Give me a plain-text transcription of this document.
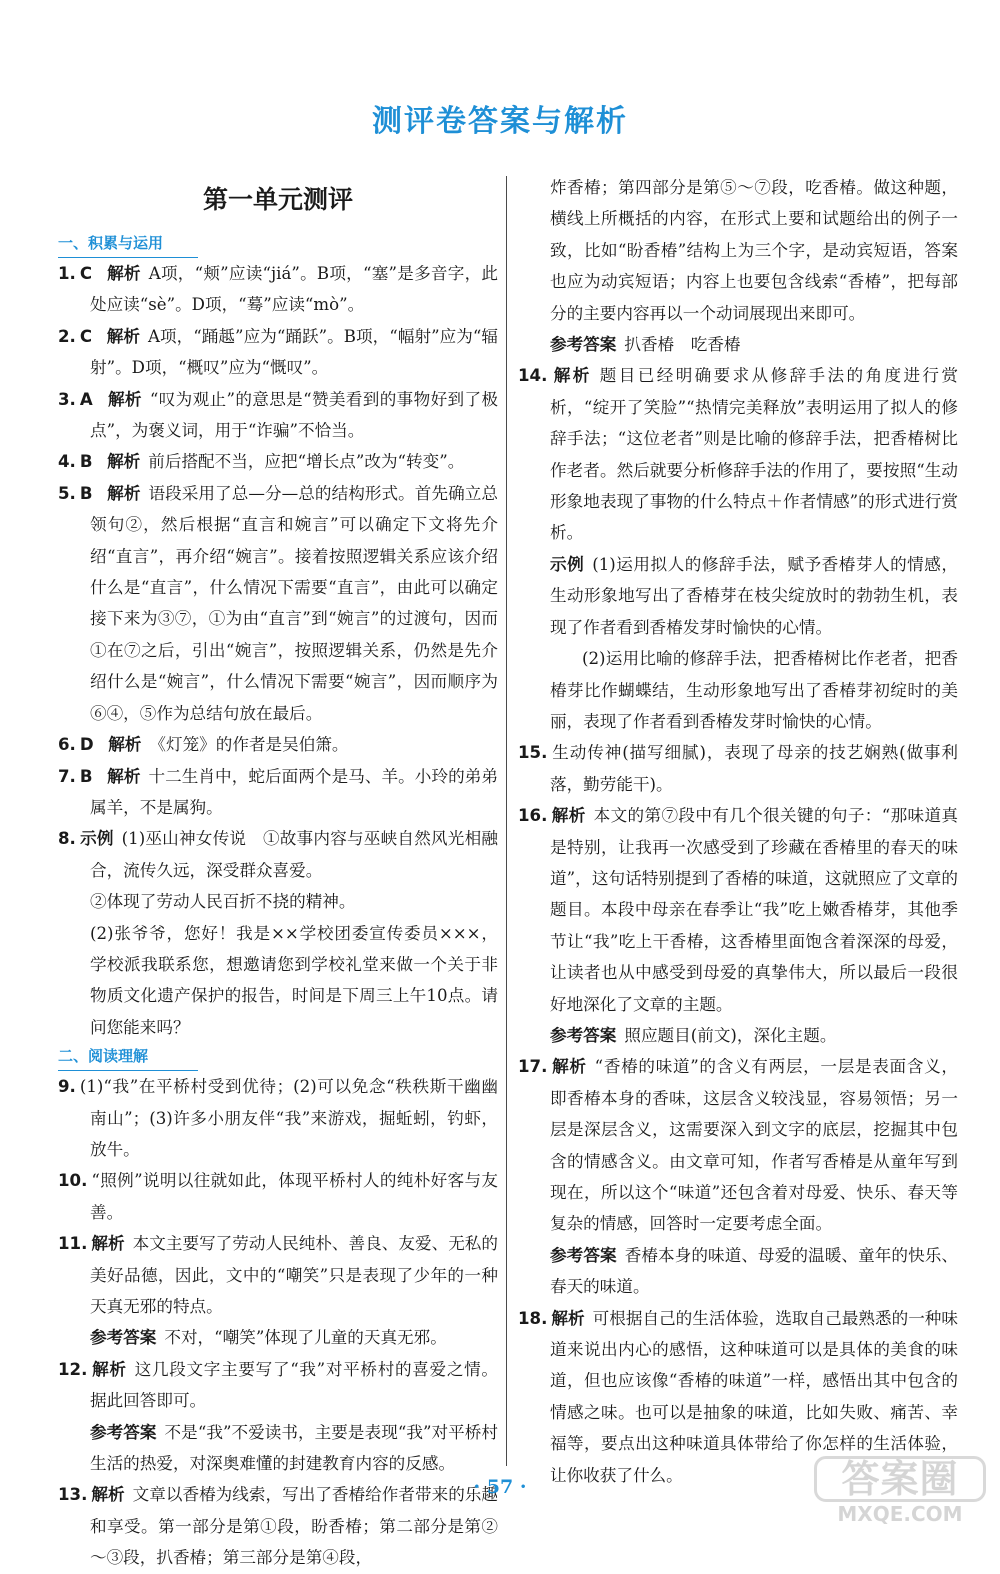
测评卷答案与解析
第一单元测评

一、积累与运用

1. C 解析 A项，“颊”应读“jiá”。B项，“塞”是多音字，此处应读“sè”。D项，“蓦”应读“mò”。

2. C 解析 A项，“踊趆”应为“踊跃”。B项，“幅射”应为“辐射”。D项，“概叹”应为“慨叹”。

3. A 解析 “叹为观止”的意思是“赞美看到的事物好到了极点”，为褒义词，用于“诈骗”不恰当。

4. B 解析 前后搭配不当，应把“增长点”改为“转变”。

5. B 解析 语段采用了总—分—总的结构形式。首先确立总领句②，然后根据“直言和婉言”可以确定下文将先介绍“直言”，再介绍“婉言”。接着按照逻辑关系应该介绍什么是“直言”，什么情况下需要“直言”，由此可以确定接下来为③⑦，①为由“直言”到“婉言”的过渡句，因而①在⑦之后，引出“婉言”，按照逻辑关系，仍然是先介绍什么是“婉言”，什么情况下需要“婉言”，因而顺序为⑥④，⑤作为总结句放在最后。

6. D 解析 《灯笼》的作者是吴伯箫。

7. B 解析 十二生肖中，蛇后面两个是马、羊。小玲的弟弟属羊，不是属狗。

8. 示例 (1)巫山神女传说　①故事内容与巫峡自然风光相融合，流传久远，深受群众喜爱。

②体现了劳动人民百折不挠的精神。

(2)张爷爷，您好！我是××学校团委宣传委员×××，学校派我联系您，想邀请您到学校礼堂来做一个关于非物质文化遗产保护的报告，时间是下周三上午10点。请问您能来吗？

二、阅读理解

9. (1)“我”在平桥村受到优待；(2)可以免念“秩秩斯干幽幽南山”；(3)许多小朋友伴“我”来游戏，掘蚯蚓，钓虾，放牛。

10. “照例”说明以往就如此，体现平桥村人的纯朴好客与友善。

11. 解析 本文主要写了劳动人民纯朴、善良、友爱、无私的美好品德，因此，文中的“嘲笑”只是表现了少年的一种天真无邪的特点。

参考答案 不对，“嘲笑”体现了儿童的天真无邪。

12. 解析 这几段文字主要写了“我”对平桥村的喜爱之情。据此回答即可。

参考答案 不是“我”不爱读书，主要是表现“我”对平桥村生活的热爱，对深奥难懂的封建教育内容的反感。

13. 解析 文章以香椿为线索，写出了香椿给作者带来的乐趣和享受。第一部分是第①段，盼香椿；第二部分是第②～③段，扒香椿；第三部分是第④段，

炸香椿；第四部分是第⑤～⑦段，吃香椿。做这种题，横线上所概括的内容，在形式上要和试题给出的例子一致，比如“盼香椿”结构上为三个字，是动宾短语，答案也应为动宾短语；内容上也要包含线索“香椿”，把每部分的主要内容再以一个动词展现出来即可。

参考答案 扒香椿　吃香椿

14. 解析 题目已经明确要求从修辞手法的角度进行赏析，“绽开了笑脸”“热情完美释放”表明运用了拟人的修辞手法；“这位老者”则是比喻的修辞手法，把香椿树比作老者。然后就要分析修辞手法的作用了，要按照“生动形象地表现了事物的什么特点＋作者情感”的形式进行赏析。

示例 (1)运用拟人的修辞手法，赋予香椿芽人的情感，生动形象地写出了香椿芽在枝尖绽放时的勃勃生机，表现了作者看到香椿发芽时愉快的心情。

(2)运用比喻的修辞手法，把香椿树比作老者，把香椿芽比作蝴蝶结，生动形象地写出了香椿芽初绽时的美丽，表现了作者看到香椿发芽时愉快的心情。

15. 生动传神(描写细腻)，表现了母亲的技艺娴熟(做事利落，勤劳能干)。

16. 解析 本文的第⑦段中有几个很关键的句子：“那味道真是特别，让我再一次感受到了珍藏在香椿里的春天的味道”，这句话特别提到了香椿的味道，这就照应了文章的题目。本段中母亲在春季让“我”吃上嫩香椿芽，其他季节让“我”吃上干香椿，这香椿里面饱含着深深的母爱，让读者也从中感受到母爱的真挚伟大，所以最后一段很好地深化了文章的主题。

参考答案 照应题目(前文)，深化主题。

17. 解析 “香椿的味道”的含义有两层，一层是表面含义，即香椿本身的香味，这层含义较浅显，容易领悟；另一层是深层含义，这需要深入到文字的底层，挖掘其中包含的情感含义。由文章可知，作者写香椿是从童年写到现在，所以这个“味道”还包含着对母爱、快乐、春天等复杂的情感，回答时一定要考虑全面。

参考答案 香椿本身的味道、母爱的温暖、童年的快乐、春天的味道。

18. 解析 可根据自己的生活体验，选取自己最熟悉的一种味道来说出内心的感悟，这种味道可以是具体的美食的味道，但也应该像“香椿的味道”一样，感悟出其中包含的情感之味。也可以是抽象的味道，比如失败、痛苦、幸福等，要点出这种味道具体带给了你怎样的生活体验，让你收获了什么。

· 57 ·	答案圈
MXQE.COM
